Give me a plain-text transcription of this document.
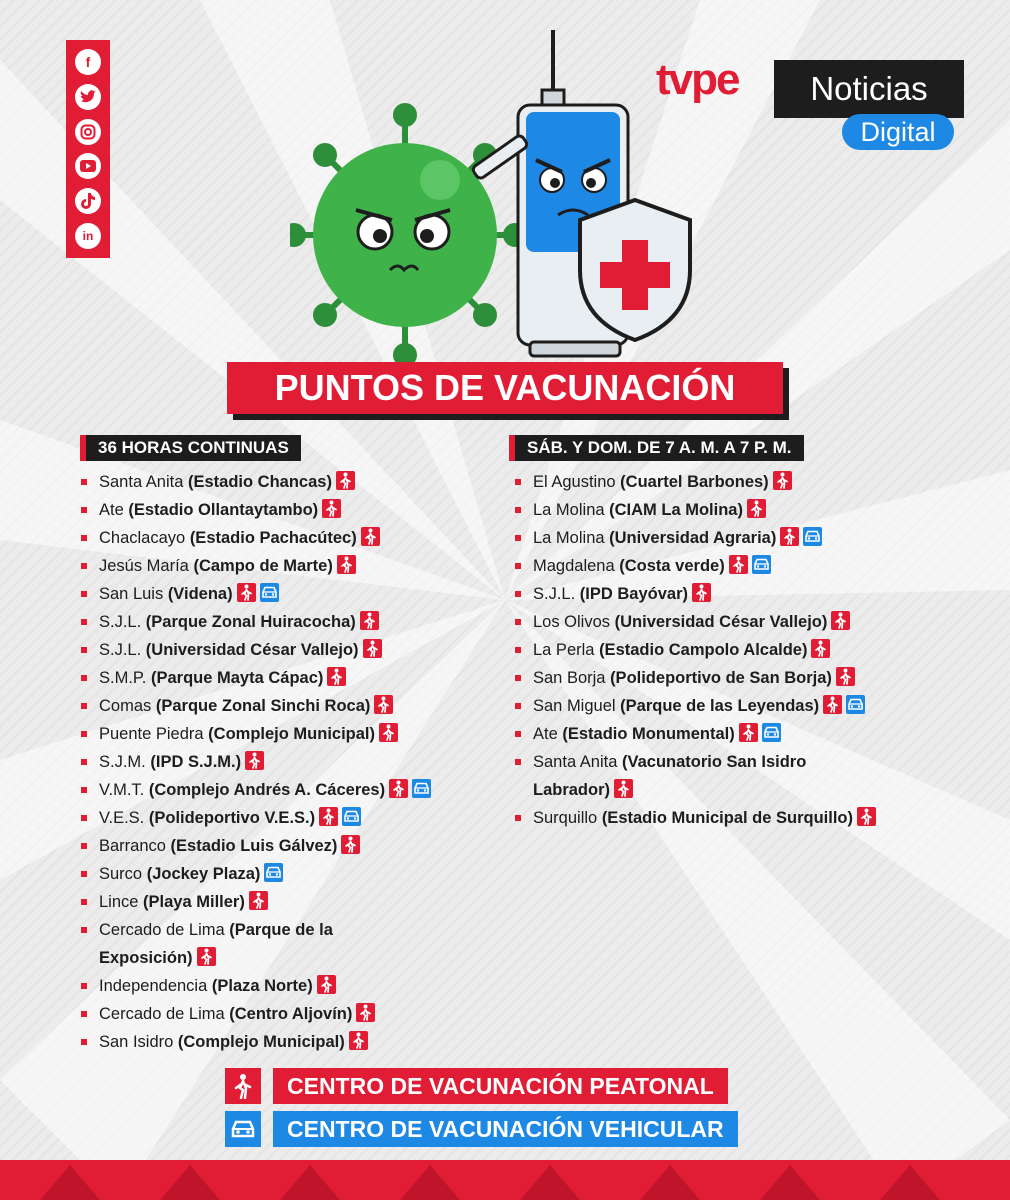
f
in
tvpe	Noticias
Digital
PUNTOS DE VACUNACIÓN
36 HORAS CONTINUAS
Santa Anita (Estadio Chancas)
Ate (Estadio Ollantaytambo)
Chaclacayo (Estadio Pachacútec)
Jesús María (Campo de Marte)
San Luis (Videna)
S.J.L. (Parque Zonal Huiracocha)
S.J.L. (Universidad César Vallejo)
S.M.P. (Parque Mayta Cápac)
Comas (Parque Zonal Sinchi Roca)
Puente Piedra (Complejo Municipal)
S.J.M. (IPD S.J.M.)
V.M.T. (Complejo Andrés A. Cáceres)
V.E.S. (Polideportivo V.E.S.)
Barranco (Estadio Luis Gálvez)
Surco (Jockey Plaza)
Lince (Playa Miller)
Cercado de Lima (Parque de la
Exposición)
Independencia (Plaza Norte)
Cercado de Lima (Centro Aljovín)
San Isidro (Complejo Municipal)
SÁB. Y DOM. DE 7 A. M. A 7 P. M.
El Agustino (Cuartel Barbones)
La Molina (CIAM La Molina)
La Molina (Universidad Agraria)
Magdalena (Costa verde)
S.J.L. (IPD Bayóvar)
Los Olivos (Universidad César Vallejo)
La Perla (Estadio Campolo Alcalde)
San Borja (Polideportivo de San Borja)
San Miguel (Parque de las Leyendas)
Ate (Estadio Monumental)
Santa Anita (Vacunatorio San Isidro
Labrador)
Surquillo (Estadio Municipal de Surquillo)
CENTRO DE VACUNACIÓN PEATONAL
CENTRO DE VACUNACIÓN VEHICULAR
